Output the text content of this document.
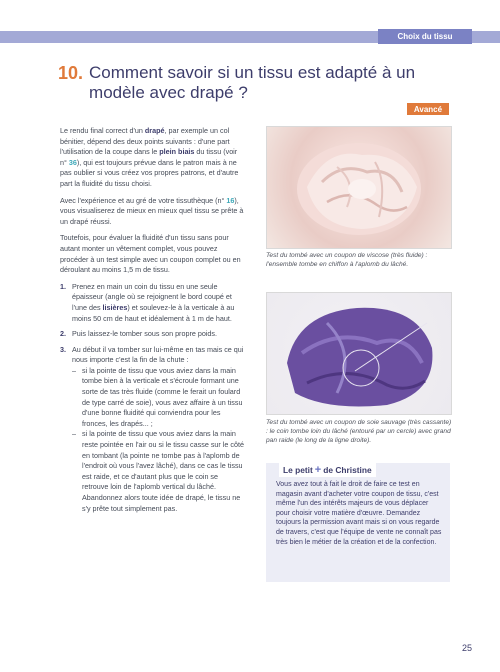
Choix du tissu
10. Comment savoir si un tissu est adapté à un modèle avec drapé ?
Avancé

Le rendu final correct d'un drapé, par exemple un col bénitier, dépend des deux points suivants : d'une part l'utilisation de la coupe dans le plein biais du tissu (voir n° 36), qui est toujours prévue dans le patron mais à ne pas oublier si vous créez vos propres patrons, et d'autre part la fluidité du tissu choisi.

Avec l'expérience et au gré de votre tissuthèque (n° 16), vous visualiserez de mieux en mieux quel tissu se prête à un drapé réussi.

Toutefois, pour évaluer la fluidité d'un tissu sans pour autant monter un vêtement complet, vous pouvez procéder à un test simple avec un coupon complet ou en déroulant au moins 1,5 m de tissu.

1. Prenez en main un coin du tissu en une seule épaisseur (angle où se rejoignent le bord coupé et l'une des lisières) et soulevez-le à la verticale à au moins 50 cm de haut et idéalement à 1 m de haut.
2. Puis laissez-le tomber sous son propre poids.
3. Au début il va tomber sur lui-même en tas mais ce qui nous importe c'est la fin de la chute :
– si la pointe de tissu que vous aviez dans la main tombe bien à la verticale et s'écroule formant une sorte de tas très fluide (comme le ferait un foulard de type carré de soie), vous avez affaire à un tissu d'une bonne fluidité qui conviendra pour les fronces, les drapés... ;
– si la pointe de tissu que vous aviez dans la main reste pointée en l'air ou si le tissu casse sur le côté en tombant (la pointe ne tombe pas à l'aplomb de l'endroit où vous l'avez lâché), dans ce cas le tissu est raide, et ce d'autant plus que le coin se retrouve loin de l'aplomb vertical du lâché. Abandonnez alors toute idée de drapé, le tissu ne s'y prête tout simplement pas.
Test du tombé avec un coupon de viscose (très fluide) : l'ensemble tombe en chiffon à l'aplomb du lâché.
Test du tombé avec un coupon de soie sauvage (très cassante) : le coin tombe loin du lâché (entouré par un cercle) avec grand pan raide (le long de la ligne droite).
Le petit + de Christine
Vous avez tout à fait le droit de faire ce test en magasin avant d'acheter votre coupon de tissu, c'est même l'un des intérêts majeurs de vous déplacer pour choisir votre matière d'œuvre. Demandez toujours la permission avant mais si on vous regarde de travers, c'est que l'équipe de vente ne connaît pas très bien le métier de la création et de la confection.
25
